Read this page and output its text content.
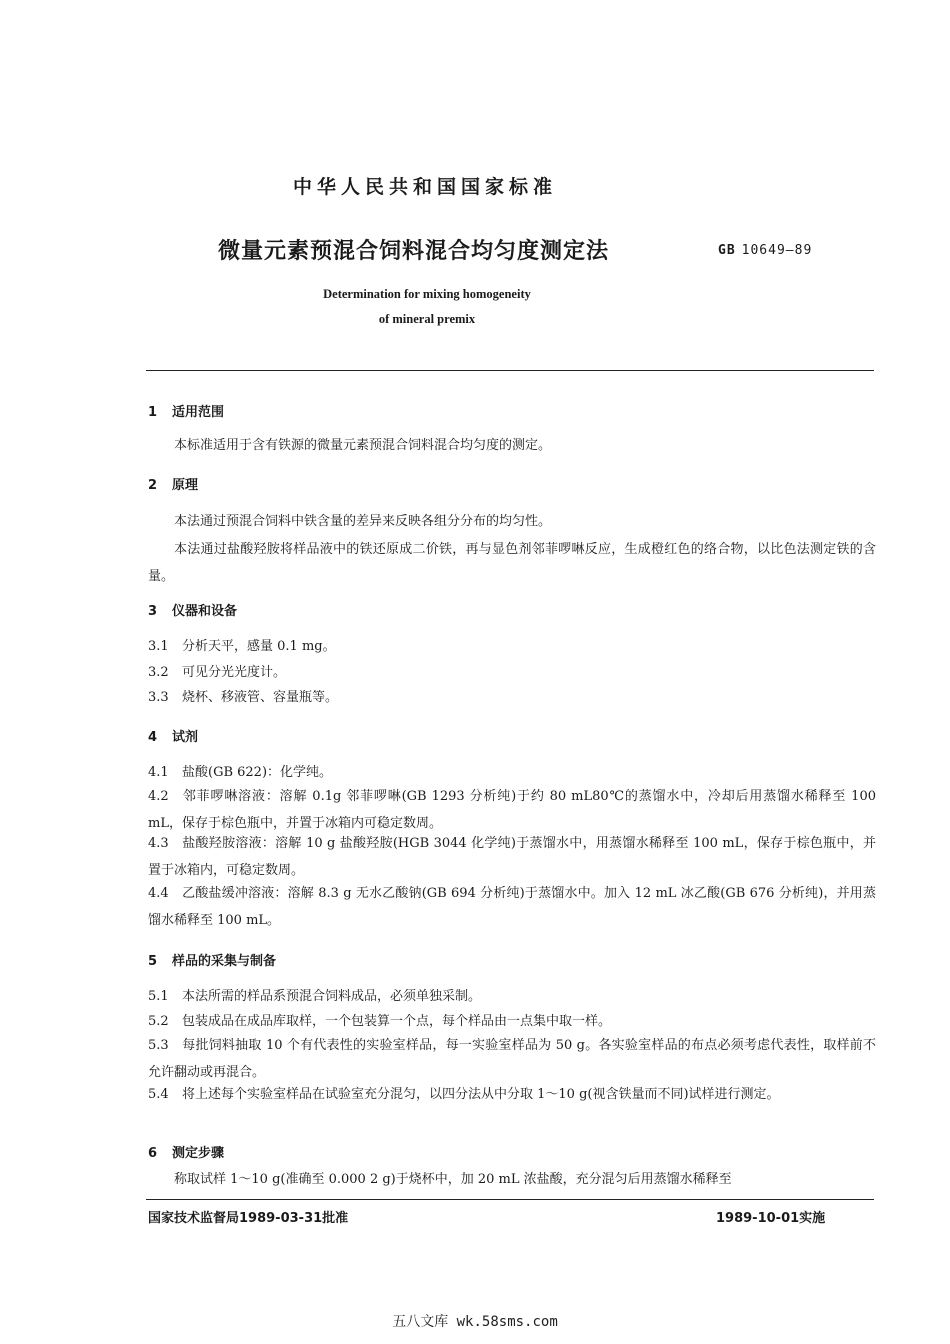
中华人民共和国国家标准
微量元素预混合饲料混合均匀度测定法	GB 10649—89
Determination for mixing homogeneity
of mineral premix
1 适用范围
本标准适用于含有铁源的微量元素预混合饲料混合均匀度的测定。
2 原理
本法通过预混合饲料中铁含量的差异来反映各组分分布的均匀性。
本法通过盐酸羟胺将样品液中的铁还原成二价铁，再与显色剂邻菲啰啉反应，生成橙红色的络合物，以比色法测定铁的含量。
3 仪器和设备
3.1 分析天平，感量 0.1 mg。
3.2 可见分光光度计。
3.3 烧杯、移液管、容量瓶等。
4 试剂
4.1 盐酸(GB 622)：化学纯。
4.2 邻菲啰啉溶液：溶解 0.1g 邻菲啰啉(GB 1293 分析纯)于约 80 mL80℃的蒸馏水中，冷却后用蒸馏水稀释至 100 mL，保存于棕色瓶中，并置于冰箱内可稳定数周。
4.3 盐酸羟胺溶液：溶解 10 g 盐酸羟胺(HGB 3044 化学纯)于蒸馏水中，用蒸馏水稀释至 100 mL，保存于棕色瓶中，并置于冰箱内，可稳定数周。
4.4 乙酸盐缓冲溶液：溶解 8.3 g 无水乙酸钠(GB 694 分析纯)于蒸馏水中。加入 12 mL 冰乙酸(GB 676 分析纯)，并用蒸馏水稀释至 100 mL。
5 样品的采集与制备
5.1 本法所需的样品系预混合饲料成品，必须单独采制。
5.2 包装成品在成品库取样，一个包装算一个点，每个样品由一点集中取一样。
5.3 每批饲料抽取 10 个有代表性的实验室样品，每一实验室样品为 50 g。各实验室样品的布点必须考虑代表性，取样前不允许翻动或再混合。
5.4 将上述每个实验室样品在试验室充分混匀，以四分法从中分取 1～10 g(视含铁量而不同)试样进行测定。
6 测定步骤
称取试样 1～10 g(准确至 0.000 2 g)于烧杯中，加 20 mL 浓盐酸，充分混匀后用蒸馏水稀释至
国家技术监督局1989-03-31批准	1989-10-01实施
五八文库 wk.58sms.com
